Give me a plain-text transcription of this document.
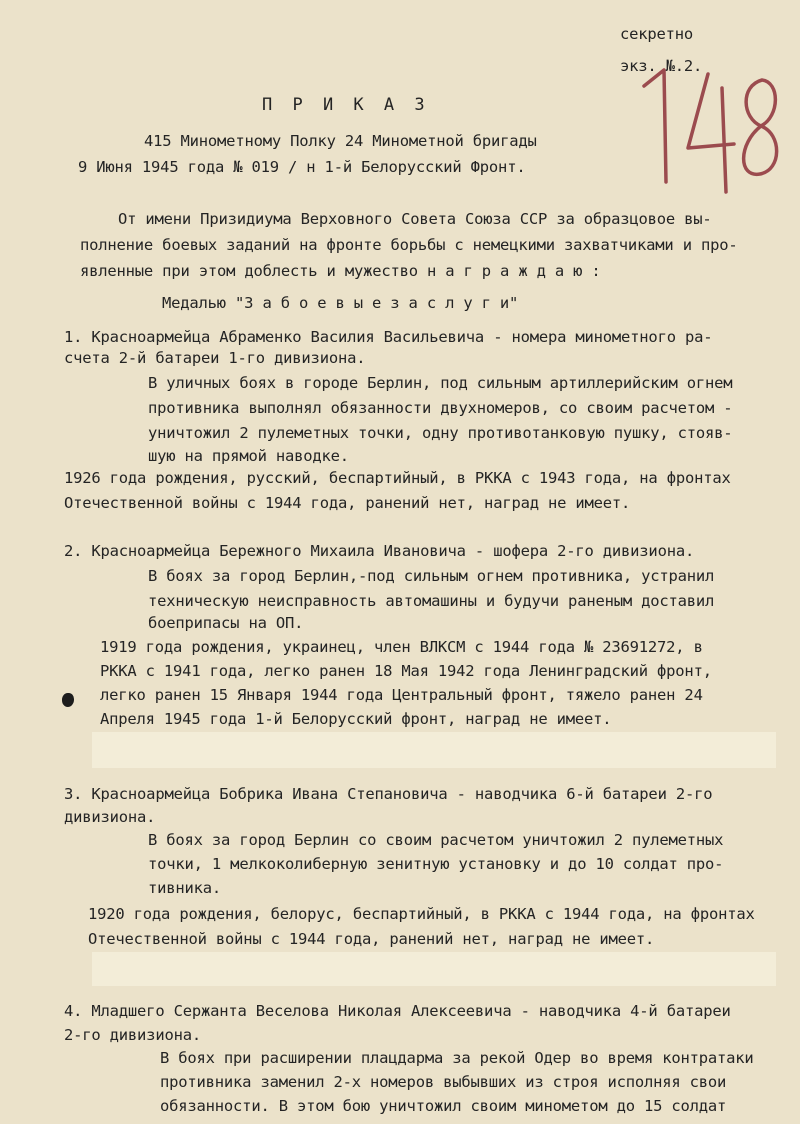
секретно
экз. №.2.
П Р И К А З
415 Минометному Полку 24 Минометной бригады
9 Июня 1945 года № 019 / н 1-й Белорусский Фронт.
От имени Призидиума Верховного Совета Союза ССР за образцовое вы-
полнение боевых заданий на фронте борьбы с немецкими захватчиками и про-
явленные при этом доблесть и мужество н а г р а ж д а ю :
Медалью "З а б о е в ы е з а с л у г и"
1. Красноармейца Абраменко Василия Васильевича - номера минометного ра-
счета 2-й батареи 1-го дивизиона.
В уличных боях в городе Берлин, под сильным артиллерийским огнем
противника выполнял обязанности двухномеров, со своим расчетом -
уничтожил 2 пулеметных точки, одну противотанковую пушку, стояв-
шую на прямой наводке.
1926 года рождения, русский, беспартийный, в РККА с 1943 года, на фронтах
Отечественной войны с 1944 года, ранений нет, наград не имеет.
2. Красноармейца Бережного Михаила Ивановича - шофера 2-го дивизиона.
В боях за город Берлин,-под сильным огнем противника, устранил
техническую неисправность автомашины и будучи раненым доставил
боеприпасы на ОП.
1919 года рождения, украинец, член ВЛКСМ с 1944 года № 23691272, в
РККА с 1941 года, легко ранен 18 Мая 1942 года Ленинградский фронт,
легко ранен 15 Января 1944 года Центральный фронт, тяжело ранен 24
Апреля 1945 года 1-й Белорусский фронт, наград не имеет.
3. Красноармейца Бобрика Ивана Степановича - наводчика 6-й батареи 2-го
дивизиона.
В боях за город Берлин со своим расчетом уничтожил 2 пулеметных
точки, 1 мелкоколиберную зенитную установку и до 10 солдат про-
тивника.
1920 года рождения, белорус, беспартийный, в РККА с 1944 года, на фронтах
Отечественной войны с 1944 года, ранений нет, наград не имеет.
4. Младшего Сержанта Веселова Николая Алексеевича - наводчика 4-й батареи
2-го дивизиона.
В боях при расширении плацдарма за рекой Одер во время контратаки
противника заменил 2-х номеров выбывших из строя исполняя свои
обязанности. В этом бою уничтожил своим минометом до 15 солдат
